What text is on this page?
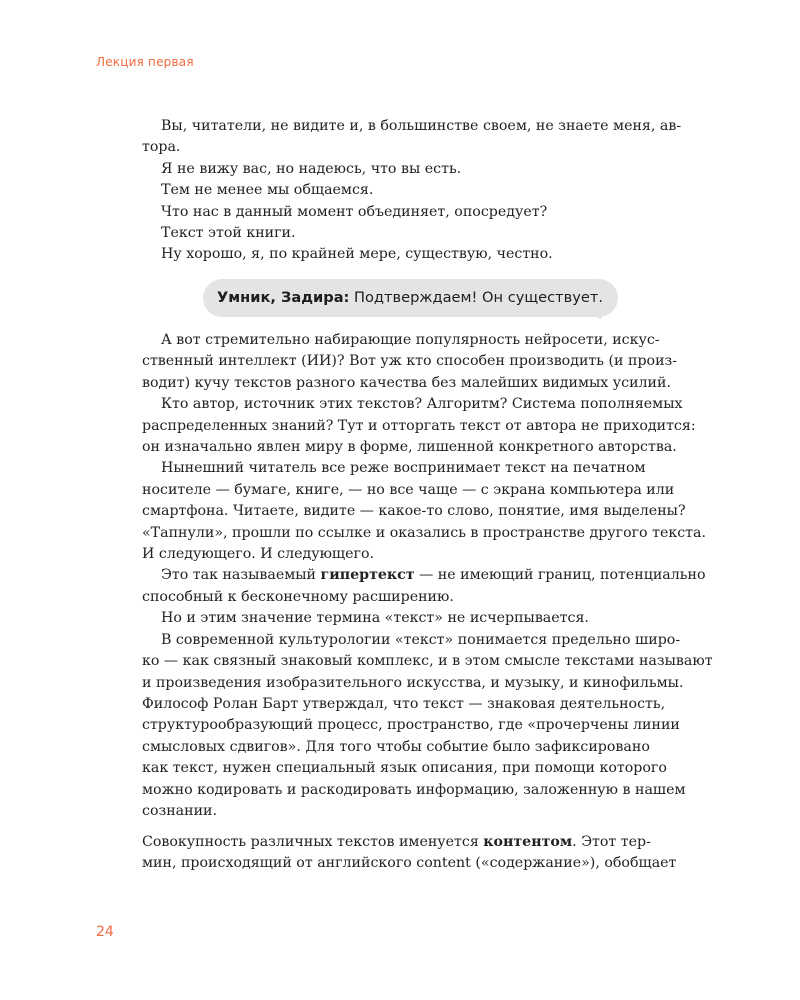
Лекция первая

Вы, читатели, не видите и, в большинстве своем, не знаете меня, ав-

тора.

Я не вижу вас, но надеюсь, что вы есть.

Тем не менее мы общаемся.

Что нас в данный момент объединяет, опосредует?

Текст этой книги.

Ну хорошо, я, по крайней мере, существую, честно.

Умник, Задира: Подтверждаем! Он существует.

А вот стремительно набирающие популярность нейросети, искус-

ственный интеллект (ИИ)? Вот уж кто способен производить (и произ-

водит) кучу текстов разного качества без малейших видимых усилий.

Кто автор, источник этих текстов? Алгоритм? Система пополняемых

распределенных знаний? Тут и отторгать текст от автора не приходится:

он изначально явлен миру в форме, лишенной конкретного авторства.

Нынешний читатель все реже воспринимает текст на печатном

носителе — бумаге, книге, — но все чаще — с экрана компьютера или

смартфона. Читаете, видите — какое-то слово, понятие, имя выделены?

«Тапнули», прошли по ссылке и оказались в пространстве другого текста.

И следующего. И следующего.

Это так называемый гипертекст — не имеющий границ, потенциально

способный к бесконечному расширению.

Но и этим значение термина «текст» не исчерпывается.

В современной культурологии «текст» понимается предельно широ-

ко — как связный знаковый комплекс, и в этом смысле текстами называют

и произведения изобразительного искусства, и музыку, и кинофильмы.

Философ Ролан Барт утверждал, что текст — знаковая деятельность,

структурообразующий процесс, пространство, где «прочерчены линии

смысловых сдвигов». Для того чтобы событие было зафиксировано

как текст, нужен специальный язык описания, при помощи которого

можно кодировать и раскодировать информацию, заложенную в нашем

сознании.

Совокупность различных текстов именуется контентом. Этот тер-

мин, происходящий от английского content («содержание»), обобщает

24
